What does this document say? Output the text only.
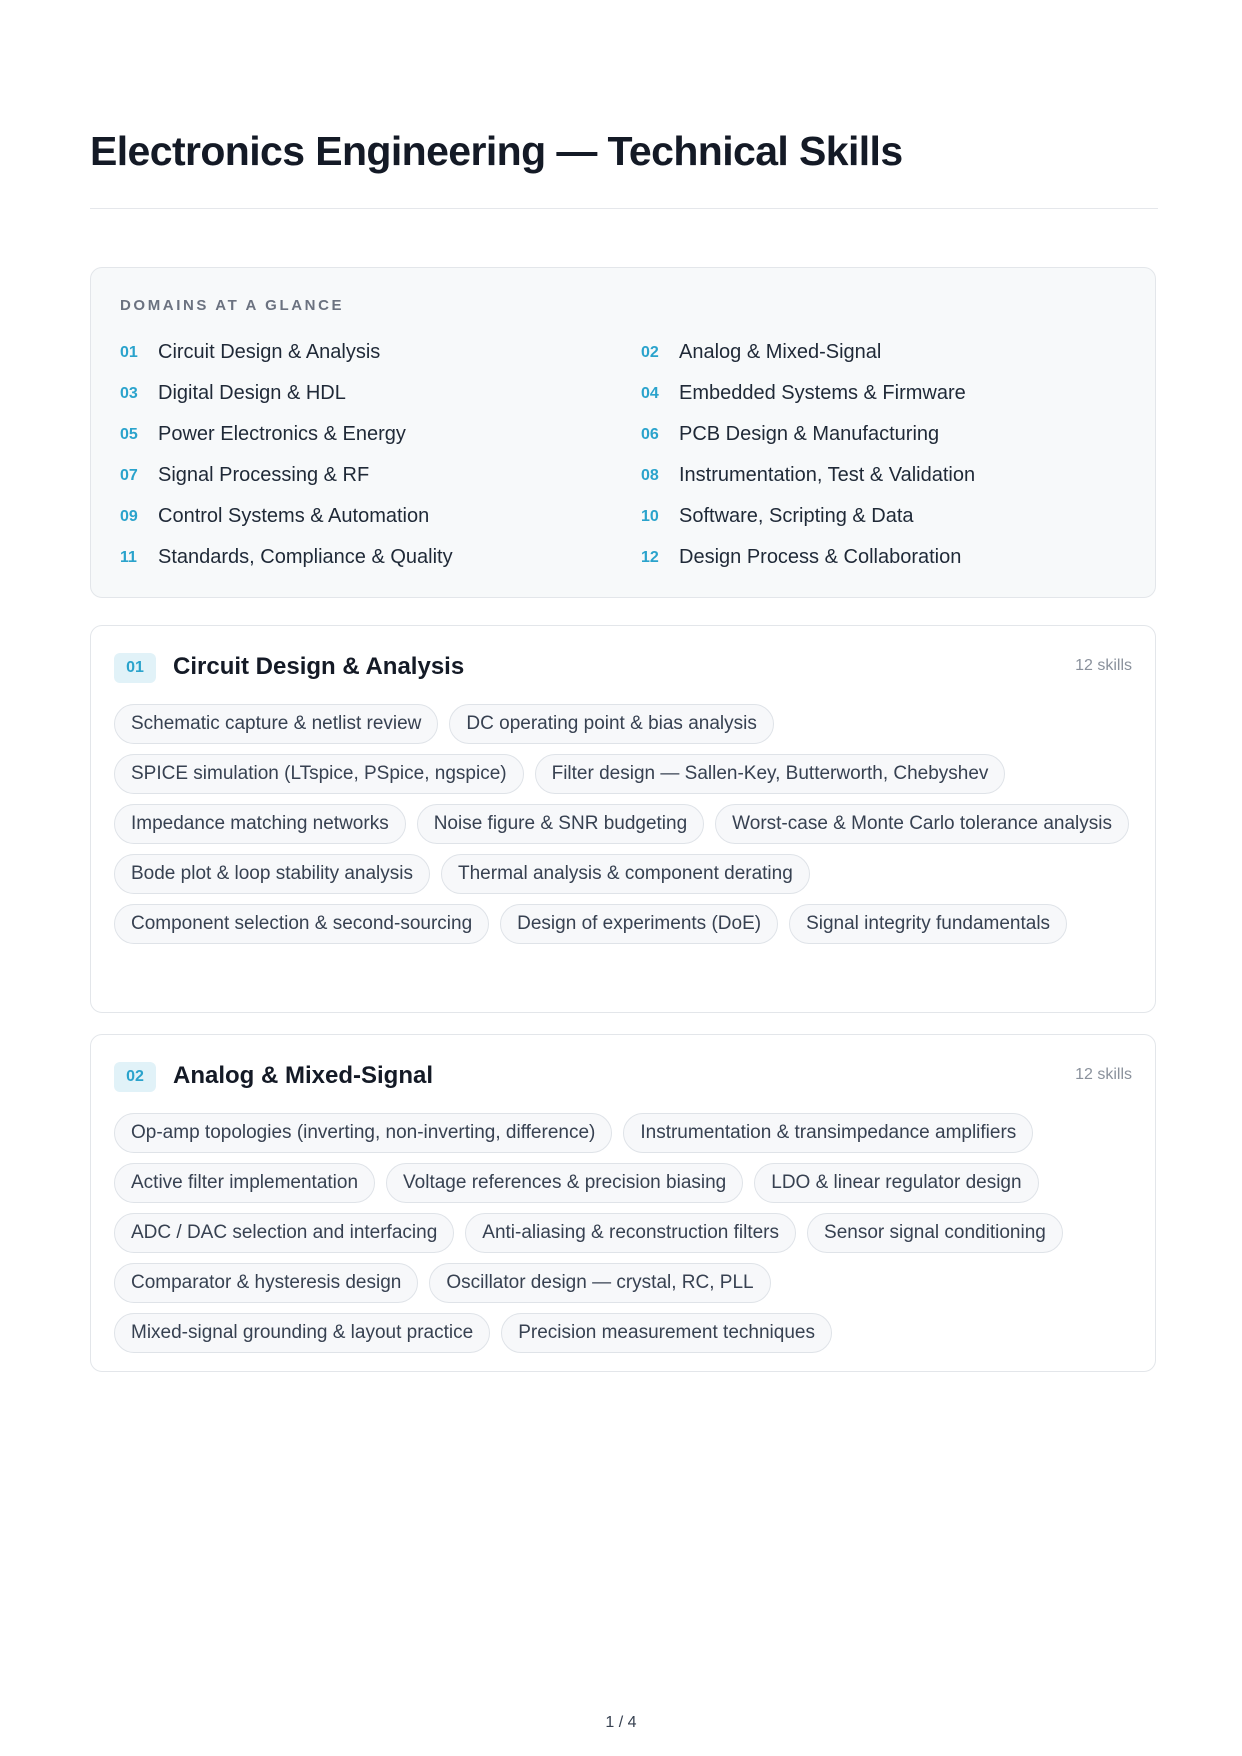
Electronics Engineering — Technical Skills
DOMAINS AT A GLANCE
01	Circuit Design & Analysis	02	Analog & Mixed-Signal
03	Digital Design & HDL	04	Embedded Systems & Firmware
05	Power Electronics & Energy	06	PCB Design & Manufacturing
07	Signal Processing & RF	08	Instrumentation, Test & Validation
09	Control Systems & Automation	10	Software, Scripting & Data
11	Standards, Compliance & Quality	12	Design Process & Collaboration
01	Circuit Design & Analysis	12 skills
Schematic capture & netlist review	DC operating point & bias analysis
SPICE simulation (LTspice, PSpice, ngspice)	Filter design — Sallen-Key, Butterworth, Chebyshev
Impedance matching networks	Noise figure & SNR budgeting	Worst-case & Monte Carlo tolerance analysis
Bode plot & loop stability analysis	Thermal analysis & component derating
Component selection & second-sourcing	Design of experiments (DoE)	Signal integrity fundamentals
02	Analog & Mixed-Signal	12 skills
Op-amp topologies (inverting, non-inverting, difference)	Instrumentation & transimpedance amplifiers
Active filter implementation	Voltage references & precision biasing	LDO & linear regulator design
ADC / DAC selection and interfacing	Anti-aliasing & reconstruction filters	Sensor signal conditioning
Comparator & hysteresis design	Oscillator design — crystal, RC, PLL
Mixed-signal grounding & layout practice	Precision measurement techniques
1 / 4
